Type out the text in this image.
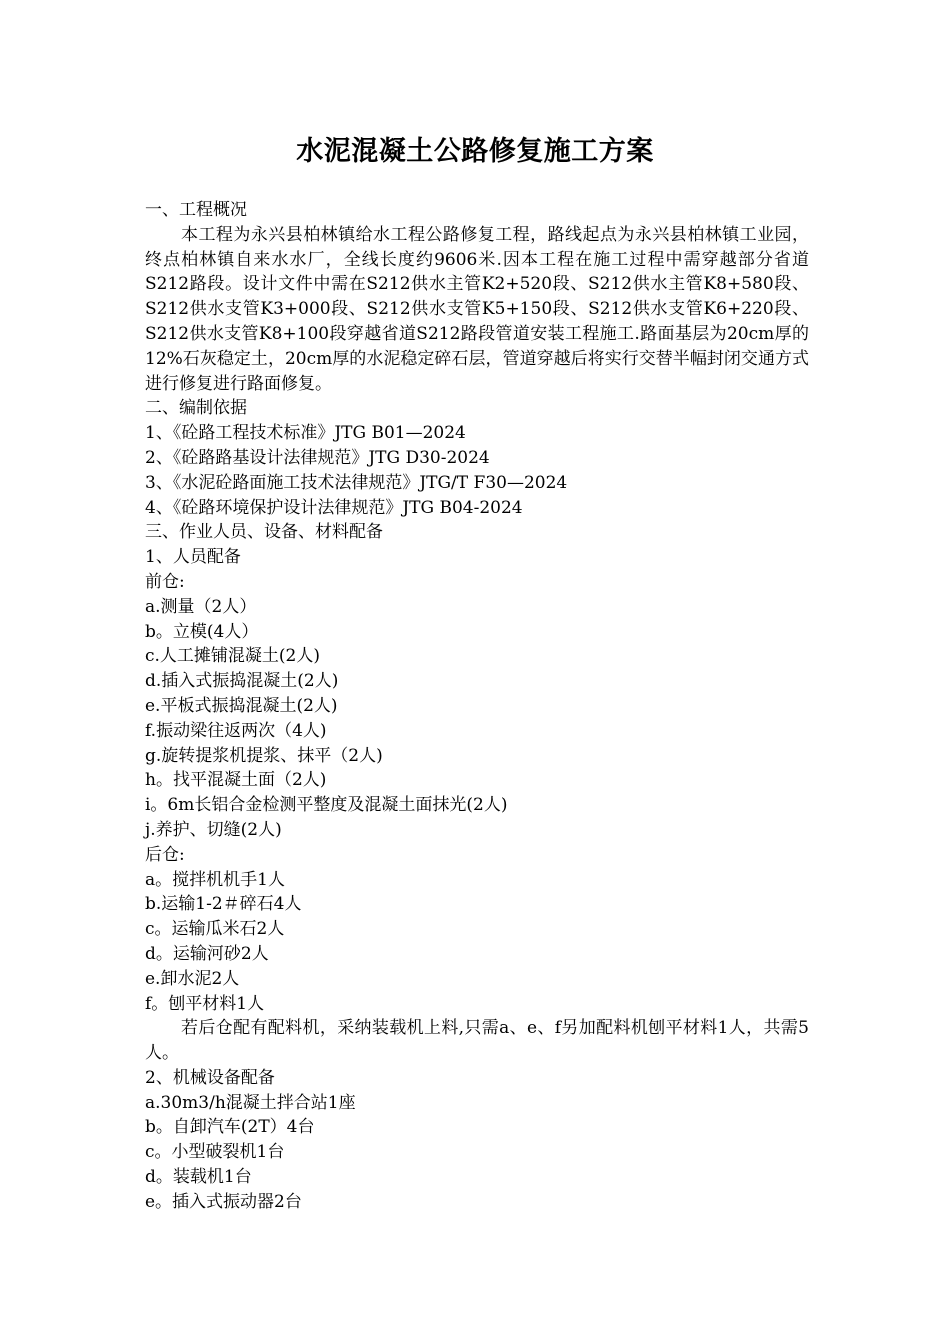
水泥混凝土公路修复施工方案
一、工程概况
本工程为永兴县柏林镇给水工程公路修复工程，路线起点为永兴县柏林镇工业园，终点柏林镇自来水水厂，全线长度约9606米.因本工程在施工过程中需穿越部分省道S212路段。设计文件中需在S212供水主管K2+520段、S212供水主管K8+580段、S212供水支管K3+000段、S212供水支管K5+150段、S212供水支管K6+220段、S212供水支管K8+100段穿越省道S212路段管道安装工程施工.路面基层为20cm厚的12%石灰稳定土，20cm厚的水泥稳定碎石层，管道穿越后将实行交替半幅封闭交通方式进行修复进行路面修复。
二、编制依据
1、《砼路工程技术标准》JTG B01—2024
2、《砼路路基设计法律规范》JTG D30-2024
3、《水泥砼路面施工技术法律规范》JTG/T F30—2024
4、《砼路环境保护设计法律规范》JTG B04-2024
三、作业人员、设备、材料配备
1、人员配备
前仓:
a.测量（2人）
b。立模(4人）
c.人工摊铺混凝土(2人)
d.插入式振捣混凝土(2人)
e.平板式振捣混凝土(2人)
f.振动梁往返两次（4人)
g.旋转提浆机提浆、抹平（2人)
h。找平混凝土面（2人)
i。6m长铝合金检测平整度及混凝土面抹光(2人)
j.养护、切缝(2人)
后仓:
a。搅拌机机手1人
b.运输1-2＃碎石4人
c。运输瓜米石2人
d。运输河砂2人
e.卸水泥2人
f。刨平材料1人
若后仓配有配料机，采纳装载机上料,只需a、e、f另加配料机刨平材料1人，共需5人。
2、机械设备配备
a.30m3/h混凝土拌合站1座
b。自卸汽车(2T）4台
c。小型破裂机1台
d。装载机1台
e。插入式振动器2台
